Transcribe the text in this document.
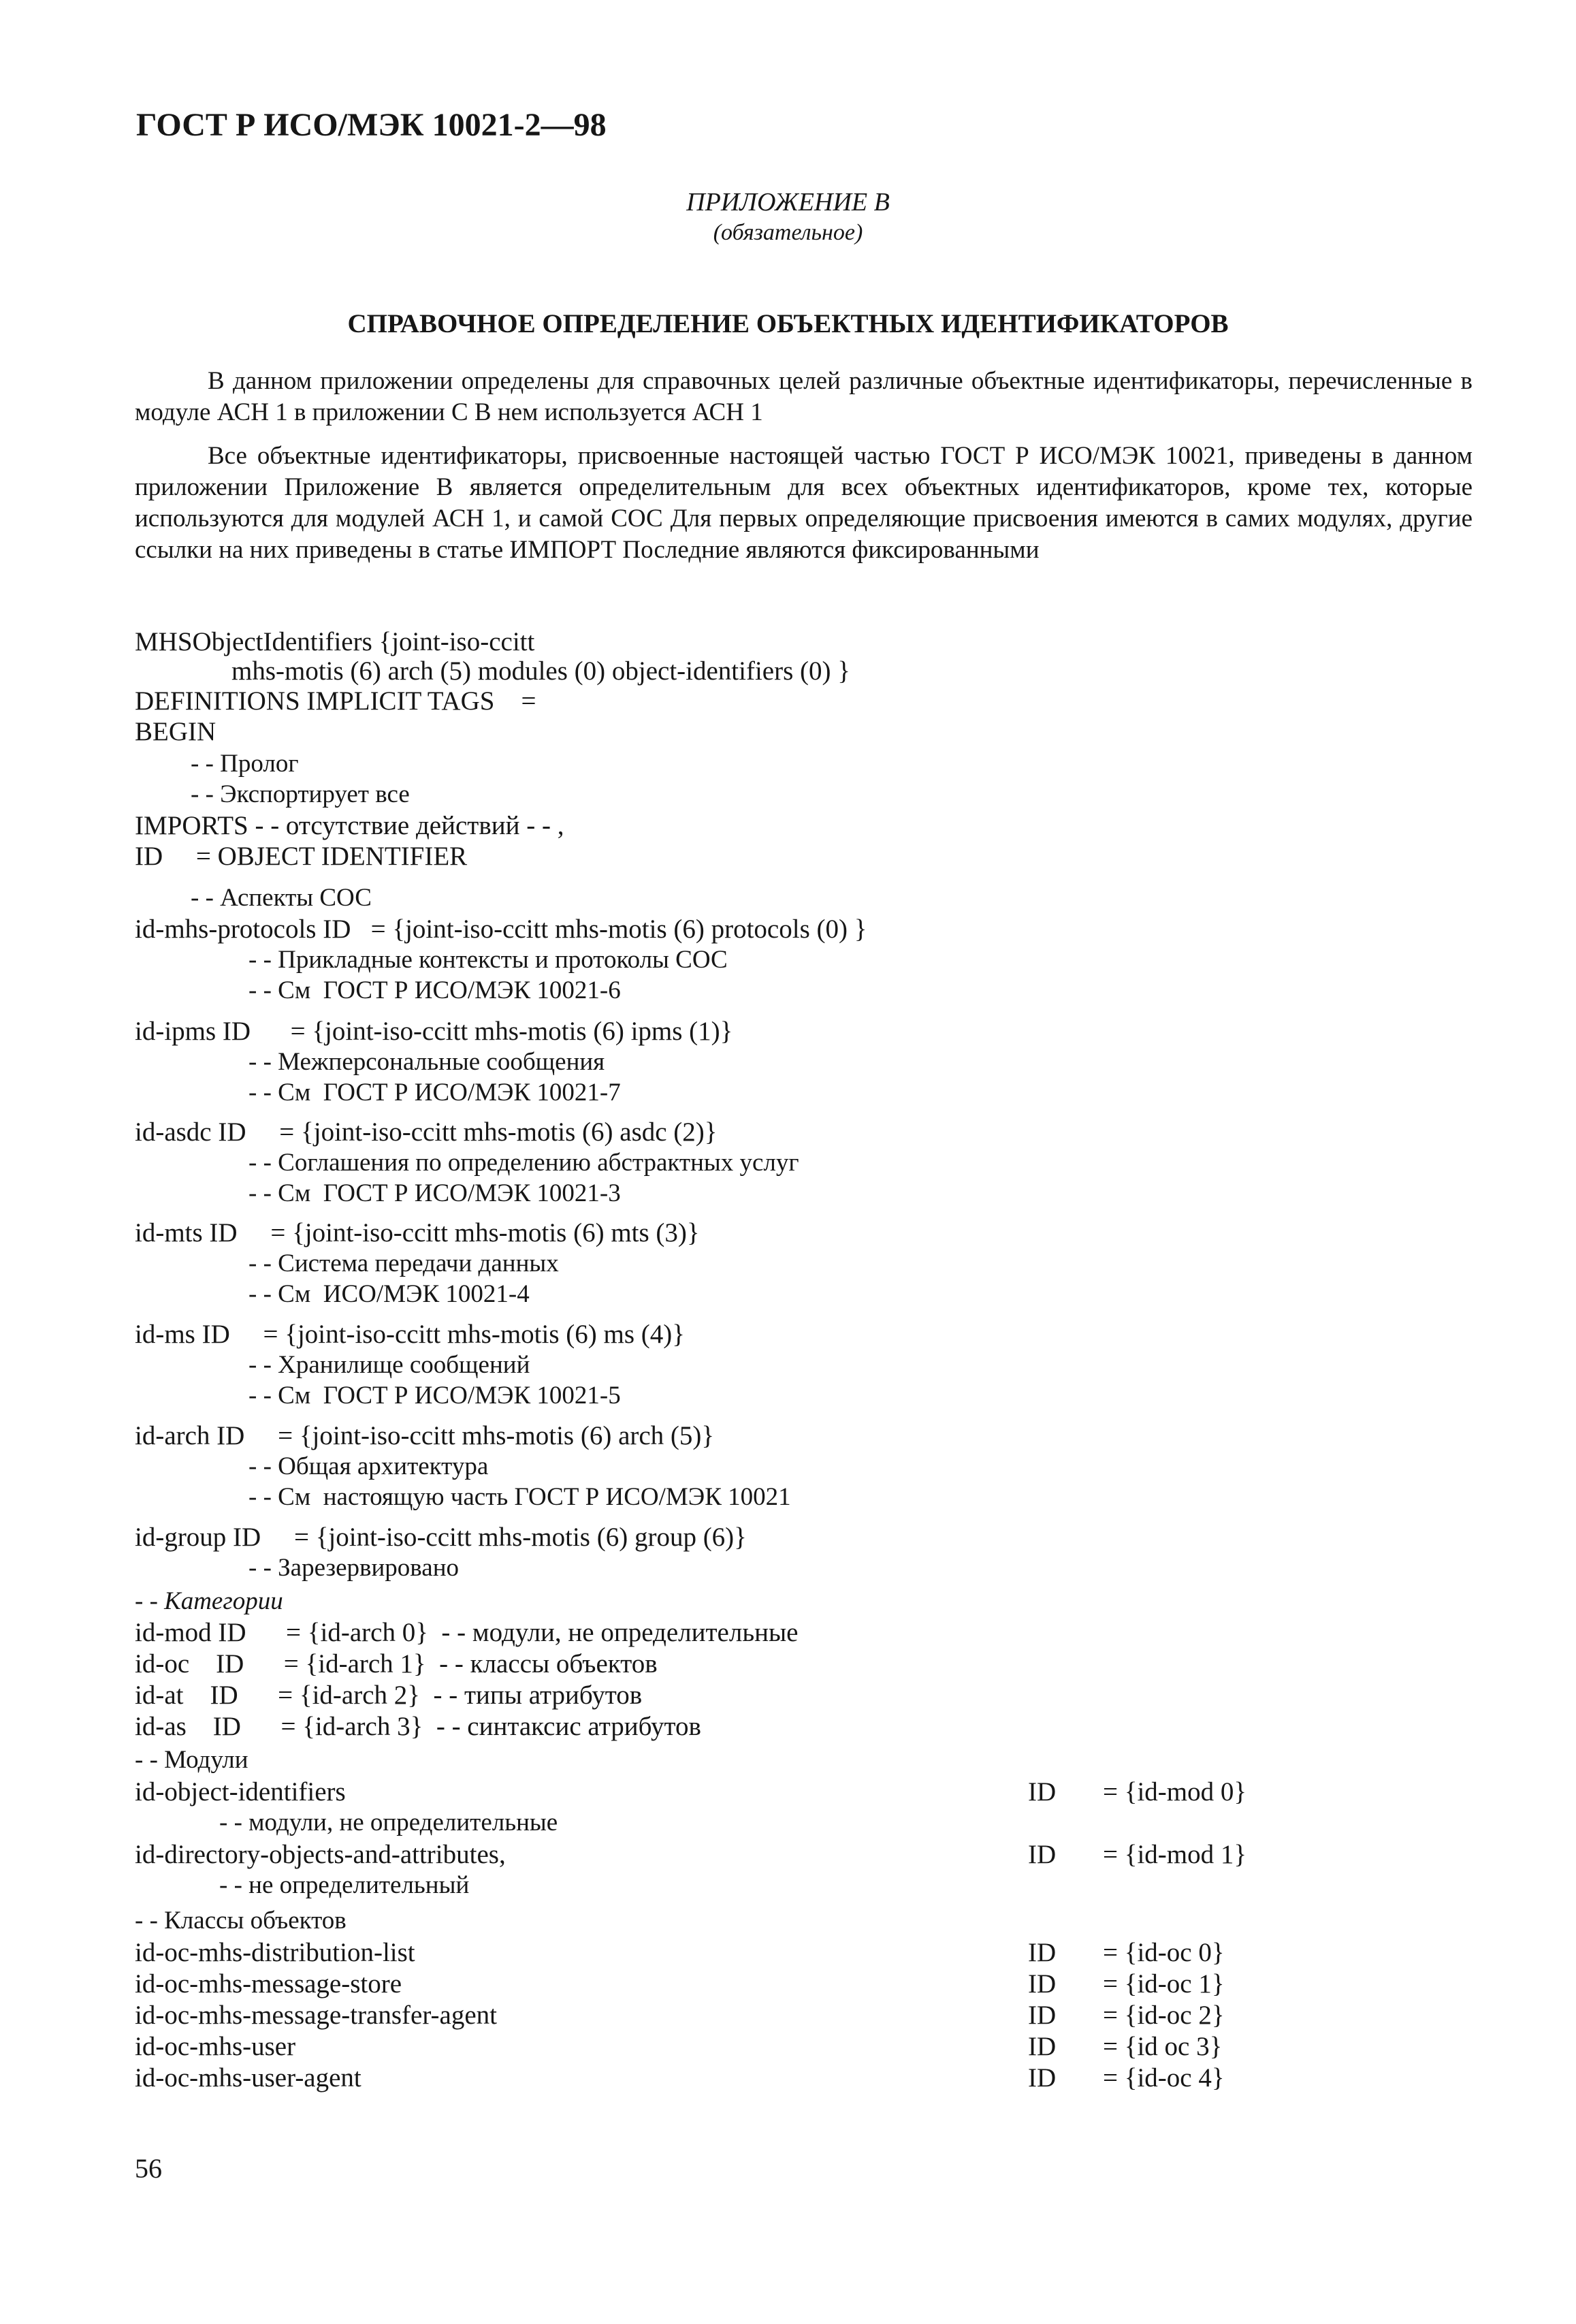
ГОСТ Р ИСО/МЭК 10021-2—98
ПРИЛОЖЕНИЕ В
(обязательное)
СПРАВОЧНОЕ ОПРЕДЕЛЕНИЕ ОБЪЕКТНЫХ ИДЕНТИФИКАТОРОВ

В данном приложении определены для справочных целей различные объектные идентификаторы, перечисленные в модуле АСН 1 в приложении С В нем используется АСН 1

Все объектные идентификаторы, присвоенные настоящей частью ГОСТ Р ИСО/МЭК 10021, приведены в данном приложении Приложение В является определительным для всех объектных идентификаторов, кроме тех, которые используются для модулей АСН 1, и самой СОС Для первых определяющие присвоения имеются в самих модулях, другие ссылки на них приведены в статье ИМПОРТ Последние являются фиксированными

MHSObjectIdentifiers {joint-iso-ccitt
mhs-motis (6) arch (5) modules (0) object-identifiers (0) }
DEFINITIONS IMPLICIT TAGS    =
BEGIN
- - Пролог
- - Экспортирует все
IMPORTS - - отсутствие действий - - ,
ID     = OBJECT IDENTIFIER
- - Аспекты СОС
id-mhs-protocols ID   = {joint-iso-ccitt mhs-motis (6) protocols (0) }
- - Прикладные контексты и протоколы СОС
- - См  ГОСТ Р ИСО/МЭК 10021-6
id-ipms ID      = {joint-iso-ccitt mhs-motis (6) ipms (1)}
- - Межперсональные сообщения
- - См  ГОСТ Р ИСО/МЭК 10021-7
id-asdc ID     = {joint-iso-ccitt mhs-motis (6) asdc (2)}
- - Соглашения по определению абстрактных услуг
- - См  ГОСТ Р ИСО/МЭК 10021-3
id-mts ID     = {joint-iso-ccitt mhs-motis (6) mts (3)}
- - Система передачи данных
- - См  ИСО/МЭК 10021-4
id-ms ID     = {joint-iso-ccitt mhs-motis (6) ms (4)}
- - Хранилище сообщений
- - См  ГОСТ Р ИСО/МЭК 10021-5
id-arch ID     = {joint-iso-ccitt mhs-motis (6) arch (5)}
- - Общая архитектура
- - См  настоящую часть ГОСТ Р ИСО/МЭК 10021
id-group ID     = {joint-iso-ccitt mhs-motis (6) group (6)}
- - Зарезервировано
- - Категории
id-mod ID      = {id-arch 0}  - - модули, не определительные
id-oc    ID      = {id-arch 1}  - - классы объектов
id-at    ID      = {id-arch 2}  - - типы атрибутов
id-as    ID      = {id-arch 3}  - - синтаксис атрибутов
- - Модули
id-object-identifiers	ID = {id-mod 0}
- - модули, не определительные
id-directory-objects-and-attributes,	ID = {id-mod 1}
- - не определительный
- - Классы объектов
id-oc-mhs-distribution-list	ID = {id-oc 0}
id-oc-mhs-message-store	ID = {id-oc 1}
id-oc-mhs-message-transfer-agent	ID = {id-oc 2}
id-oc-mhs-user	ID = {id oc 3}
id-oc-mhs-user-agent	ID = {id-oc 4}
56
